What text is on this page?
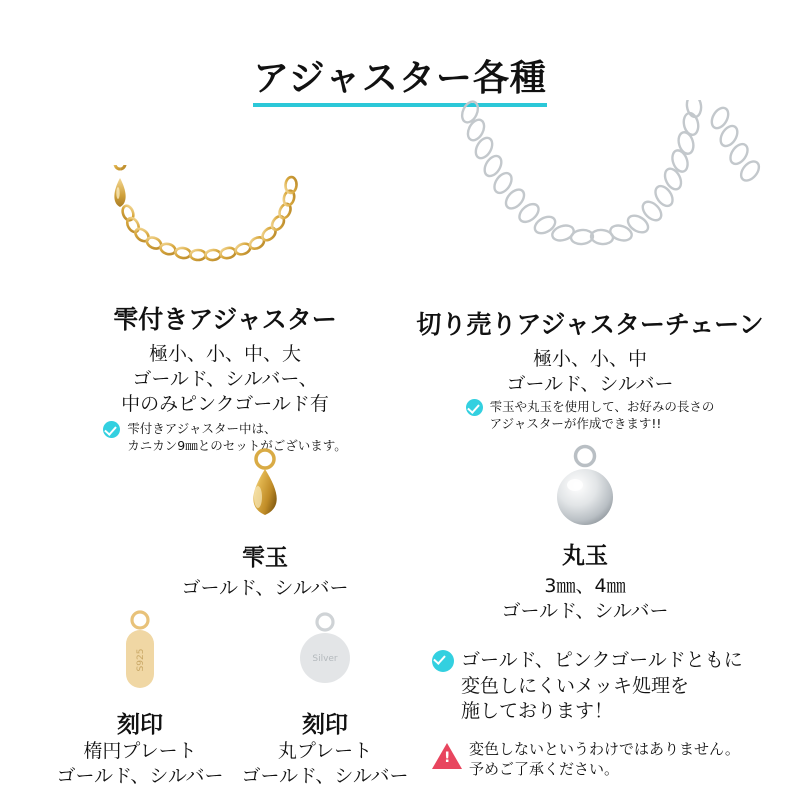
アジャスター各種
雫付きアジャスター
極小、小、中、大
ゴールド、シルバー、
中のみピンクゴールド有
雫付きアジャスター中は、
カニカン9㎜とのセットがございます。
切り売りアジャスターチェーン
極小、小、中
ゴールド、シルバー
雫玉や丸玉を使用して、お好みの長さの
アジャスターが作成できます!!
雫玉
ゴールド、シルバー
丸玉
3㎜、4㎜
ゴールド、シルバー
S925
刻印
楕円プレート
ゴールド、シルバー
Silver
刻印
丸プレート
ゴールド、シルバー
ゴールド、ピンクゴールドともに
変色しにくいメッキ処理を
施しております！
!
変色しないというわけではありません。
予めご了承ください。
